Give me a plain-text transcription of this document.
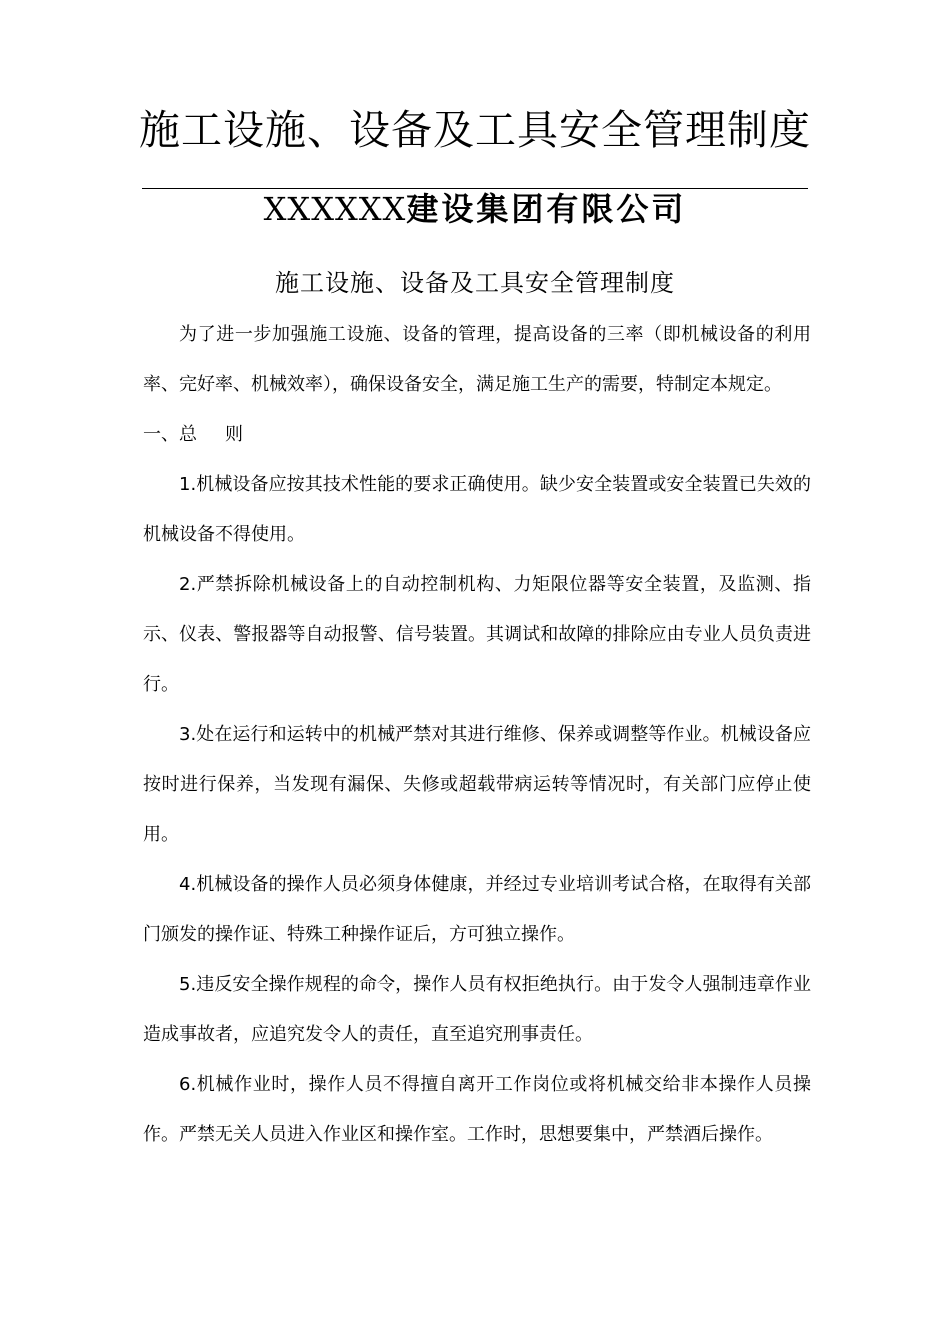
施工设施、设备及工具安全管理制度
XXXXXX建设集团有限公司
施工设施、设备及工具安全管理制度

为了进一步加强施工设施、设备的管理，提高设备的三率（即机械设备的利用率、完好率、机械效率），确保设备安全，满足施工生产的需要，特制定本规定。

一、总 则

1.机械设备应按其技术性能的要求正确使用。缺少安全装置或安全装置已失效的机械设备不得使用。

2.严禁拆除机械设备上的自动控制机构、力矩限位器等安全装置，及监测、指示、仪表、警报器等自动报警、信号装置。其调试和故障的排除应由专业人员负责进行。

3.处在运行和运转中的机械严禁对其进行维修、保养或调整等作业。机械设备应按时进行保养，当发现有漏保、失修或超载带病运转等情况时，有关部门应停止使用。

4.机械设备的操作人员必须身体健康，并经过专业培训考试合格，在取得有关部门颁发的操作证、特殊工种操作证后，方可独立操作。

5.违反安全操作规程的命令，操作人员有权拒绝执行。由于发令人强制违章作业造成事故者，应追究发令人的责任，直至追究刑事责任。

6.机械作业时，操作人员不得擅自离开工作岗位或将机械交给非本操作人员操作。严禁无关人员进入作业区和操作室。工作时，思想要集中，严禁酒后操作。
